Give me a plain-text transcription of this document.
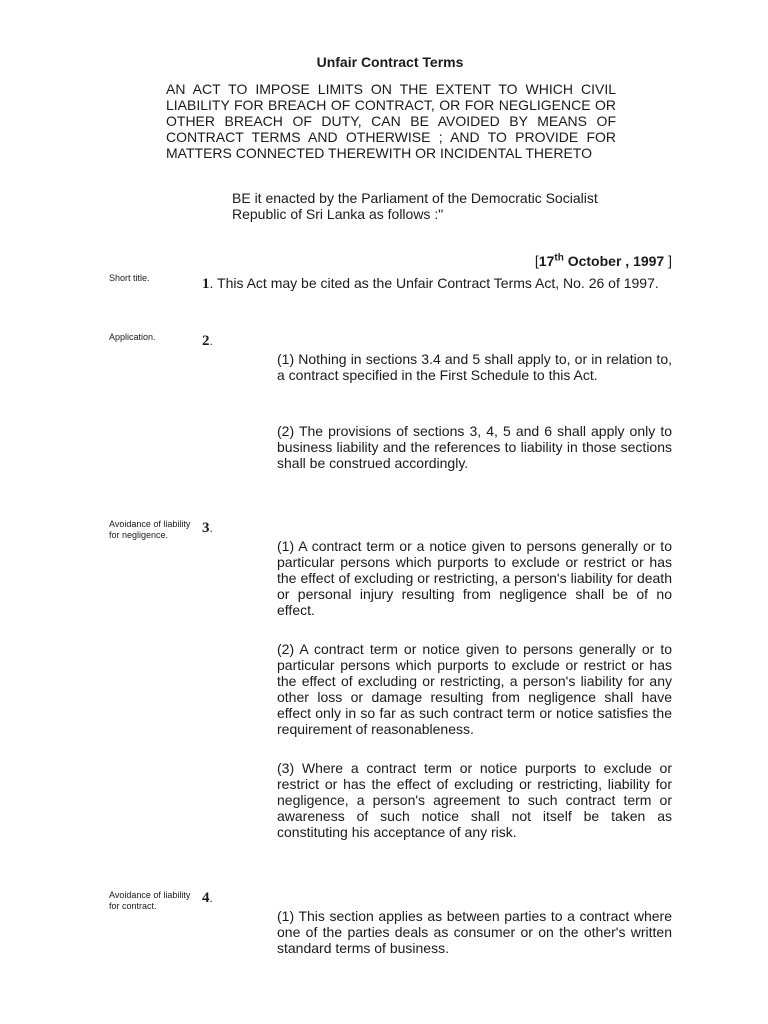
Unfair Contract Terms
AN ACT TO IMPOSE LIMITS ON THE EXTENT TO WHICH CIVIL LIABILITY FOR BREACH OF CONTRACT, OR FOR NEGLIGENCE OR OTHER BREACH OF DUTY, CAN BE AVOIDED BY MEANS OF CONTRACT TERMS AND OTHERWISE ; AND TO PROVIDE FOR MATTERS CONNECTED THEREWITH OR INCIDENTAL THERETO
BE it enacted by the Parliament of the Democratic Socialist Republic of Sri Lanka as follows :"
[17th October , 1997 ]
Short title.	1. This Act may be cited as the Unfair Contract Terms Act, No. 26 of 1997.
Application.	2.
(1) Nothing in sections 3.4 and 5 shall apply to, or in relation to, a contract specified in the First Schedule to this Act.
(2) The provisions of sections 3, 4, 5 and 6 shall apply only to business liability and the references to liability in those sections shall be construed accordingly.
Avoidance of liability for negligence.	3.
(1) A contract term or a notice given to persons generally or to particular persons which purports to exclude or restrict or has the effect of excluding or restricting, a person's liability for death or personal injury resulting from negligence shall be of no effect.
(2) A contract term or notice given to persons generally or to particular persons which purports to exclude or restrict or has the effect of excluding or restricting, a person's liability for any other loss or damage resulting from negligence shall have effect only in so far as such contract term or notice satisfies the requirement of reasonableness.
(3) Where a contract term or notice purports to exclude or restrict or has the effect of excluding or restricting, liability for negligence, a person's agreement to such contract term or awareness of such notice shall not itself be taken as constituting his acceptance of any risk.
Avoidance of liability for contract.	4.
(1) This section applies as between parties to a contract where one of the parties deals as consumer or on the other's written standard terms of business.
